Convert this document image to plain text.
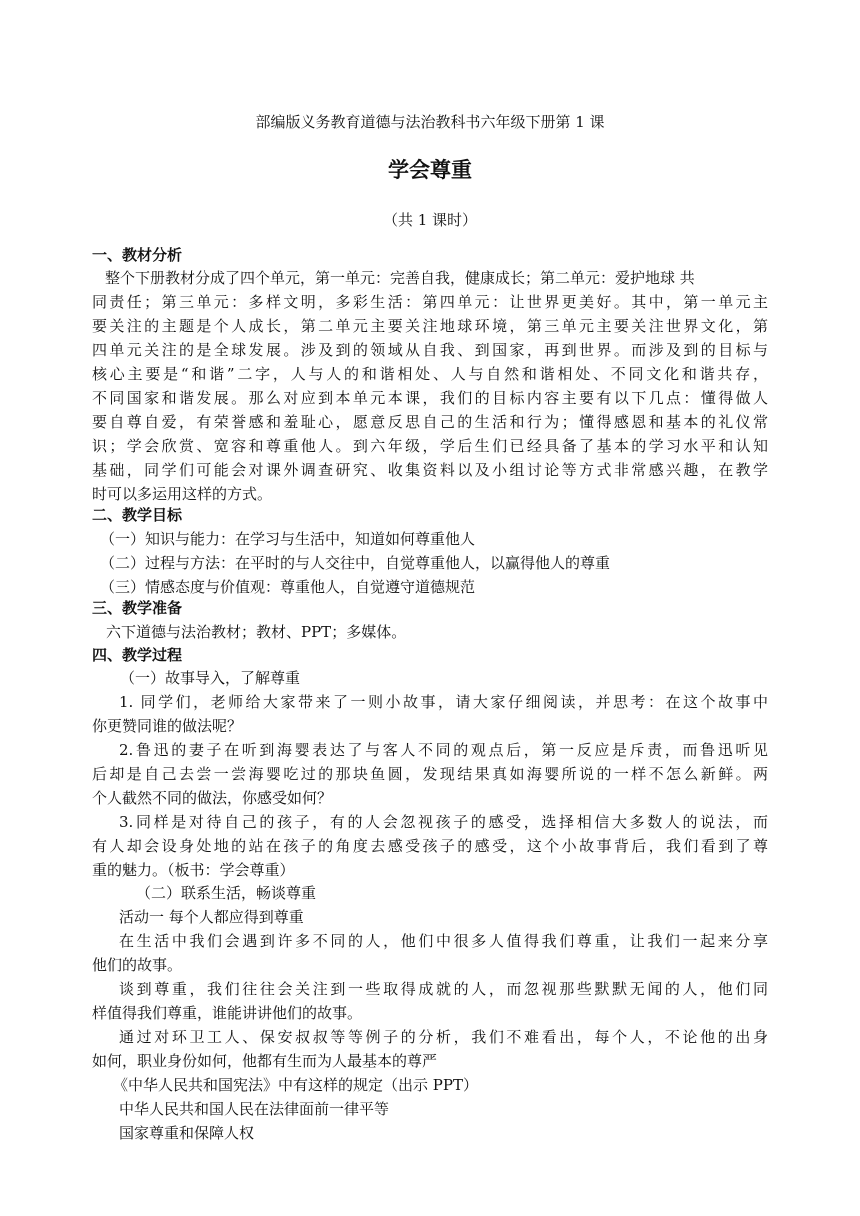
部编版义务教育道德与法治教科书六年级下册第 1 课
学会尊重
（共 1 课时）
一、教材分析
整个下册教材分成了四个单元，第一单元：完善自我，健康成长；第二单元：爱护地球 共
同责任；第三单元：多样文明，多彩生活：第四单元：让世界更美好。其中，第一单元主
要关注的主题是个人成长，第二单元主要关注地球环境，第三单元主要关注世界文化，第
四单元关注的是全球发展。涉及到的领域从自我、到国家，再到世界。而涉及到的目标与
核心主要是“和谐”二字，人与人的和谐相处、人与自然和谐相处、不同文化和谐共存，
不同国家和谐发展。那么对应到本单元本课，我们的目标内容主要有以下几点：懂得做人
要自尊自爱，有荣誉感和羞耻心，愿意反思自己的生活和行为；懂得感恩和基本的礼仪常
识；学会欣赏、宽容和尊重他人。到六年级，学后生们已经具备了基本的学习水平和认知
基础，同学们可能会对课外调查研究、收集资料以及小组讨论等方式非常感兴趣，在教学
时可以多运用这样的方式。
二、教学目标
（一）知识与能力：在学习与生活中，知道如何尊重他人
（二）过程与方法：在平时的与人交往中，自觉尊重他人，以赢得他人的尊重
（三）情感态度与价值观：尊重他人，自觉遵守道德规范
三、教学准备
六下道德与法治教材；教材、PPT；多媒体。
四、教学过程
（一）故事导入，了解尊重
1. 同学们，老师给大家带来了一则小故事，请大家仔细阅读，并思考：在这个故事中
你更赞同谁的做法呢？
2.鲁迅的妻子在听到海婴表达了与客人不同的观点后，第一反应是斥责，而鲁迅听见
后却是自己去尝一尝海婴吃过的那块鱼圆，发现结果真如海婴所说的一样不怎么新鲜。两
个人截然不同的做法，你感受如何？
3.同样是对待自己的孩子，有的人会忽视孩子的感受，选择相信大多数人的说法，而
有人却会设身处地的站在孩子的角度去感受孩子的感受，这个小故事背后，我们看到了尊
重的魅力。（板书：学会尊重）
（二）联系生活，畅谈尊重
活动一 每个人都应得到尊重
在生活中我们会遇到许多不同的人，他们中很多人值得我们尊重，让我们一起来分享
他们的故事。
谈到尊重，我们往往会关注到一些取得成就的人，而忽视那些默默无闻的人，他们同
样值得我们尊重，谁能讲讲他们的故事。
通过对环卫工人、保安叔叔等等例子的分析，我们不难看出，每个人，不论他的出身
如何，职业身份如何，他都有生而为人最基本的尊严
《中华人民共和国宪法》中有这样的规定（出示 PPT）
中华人民共和国人民在法律面前一律平等
国家尊重和保障人权
